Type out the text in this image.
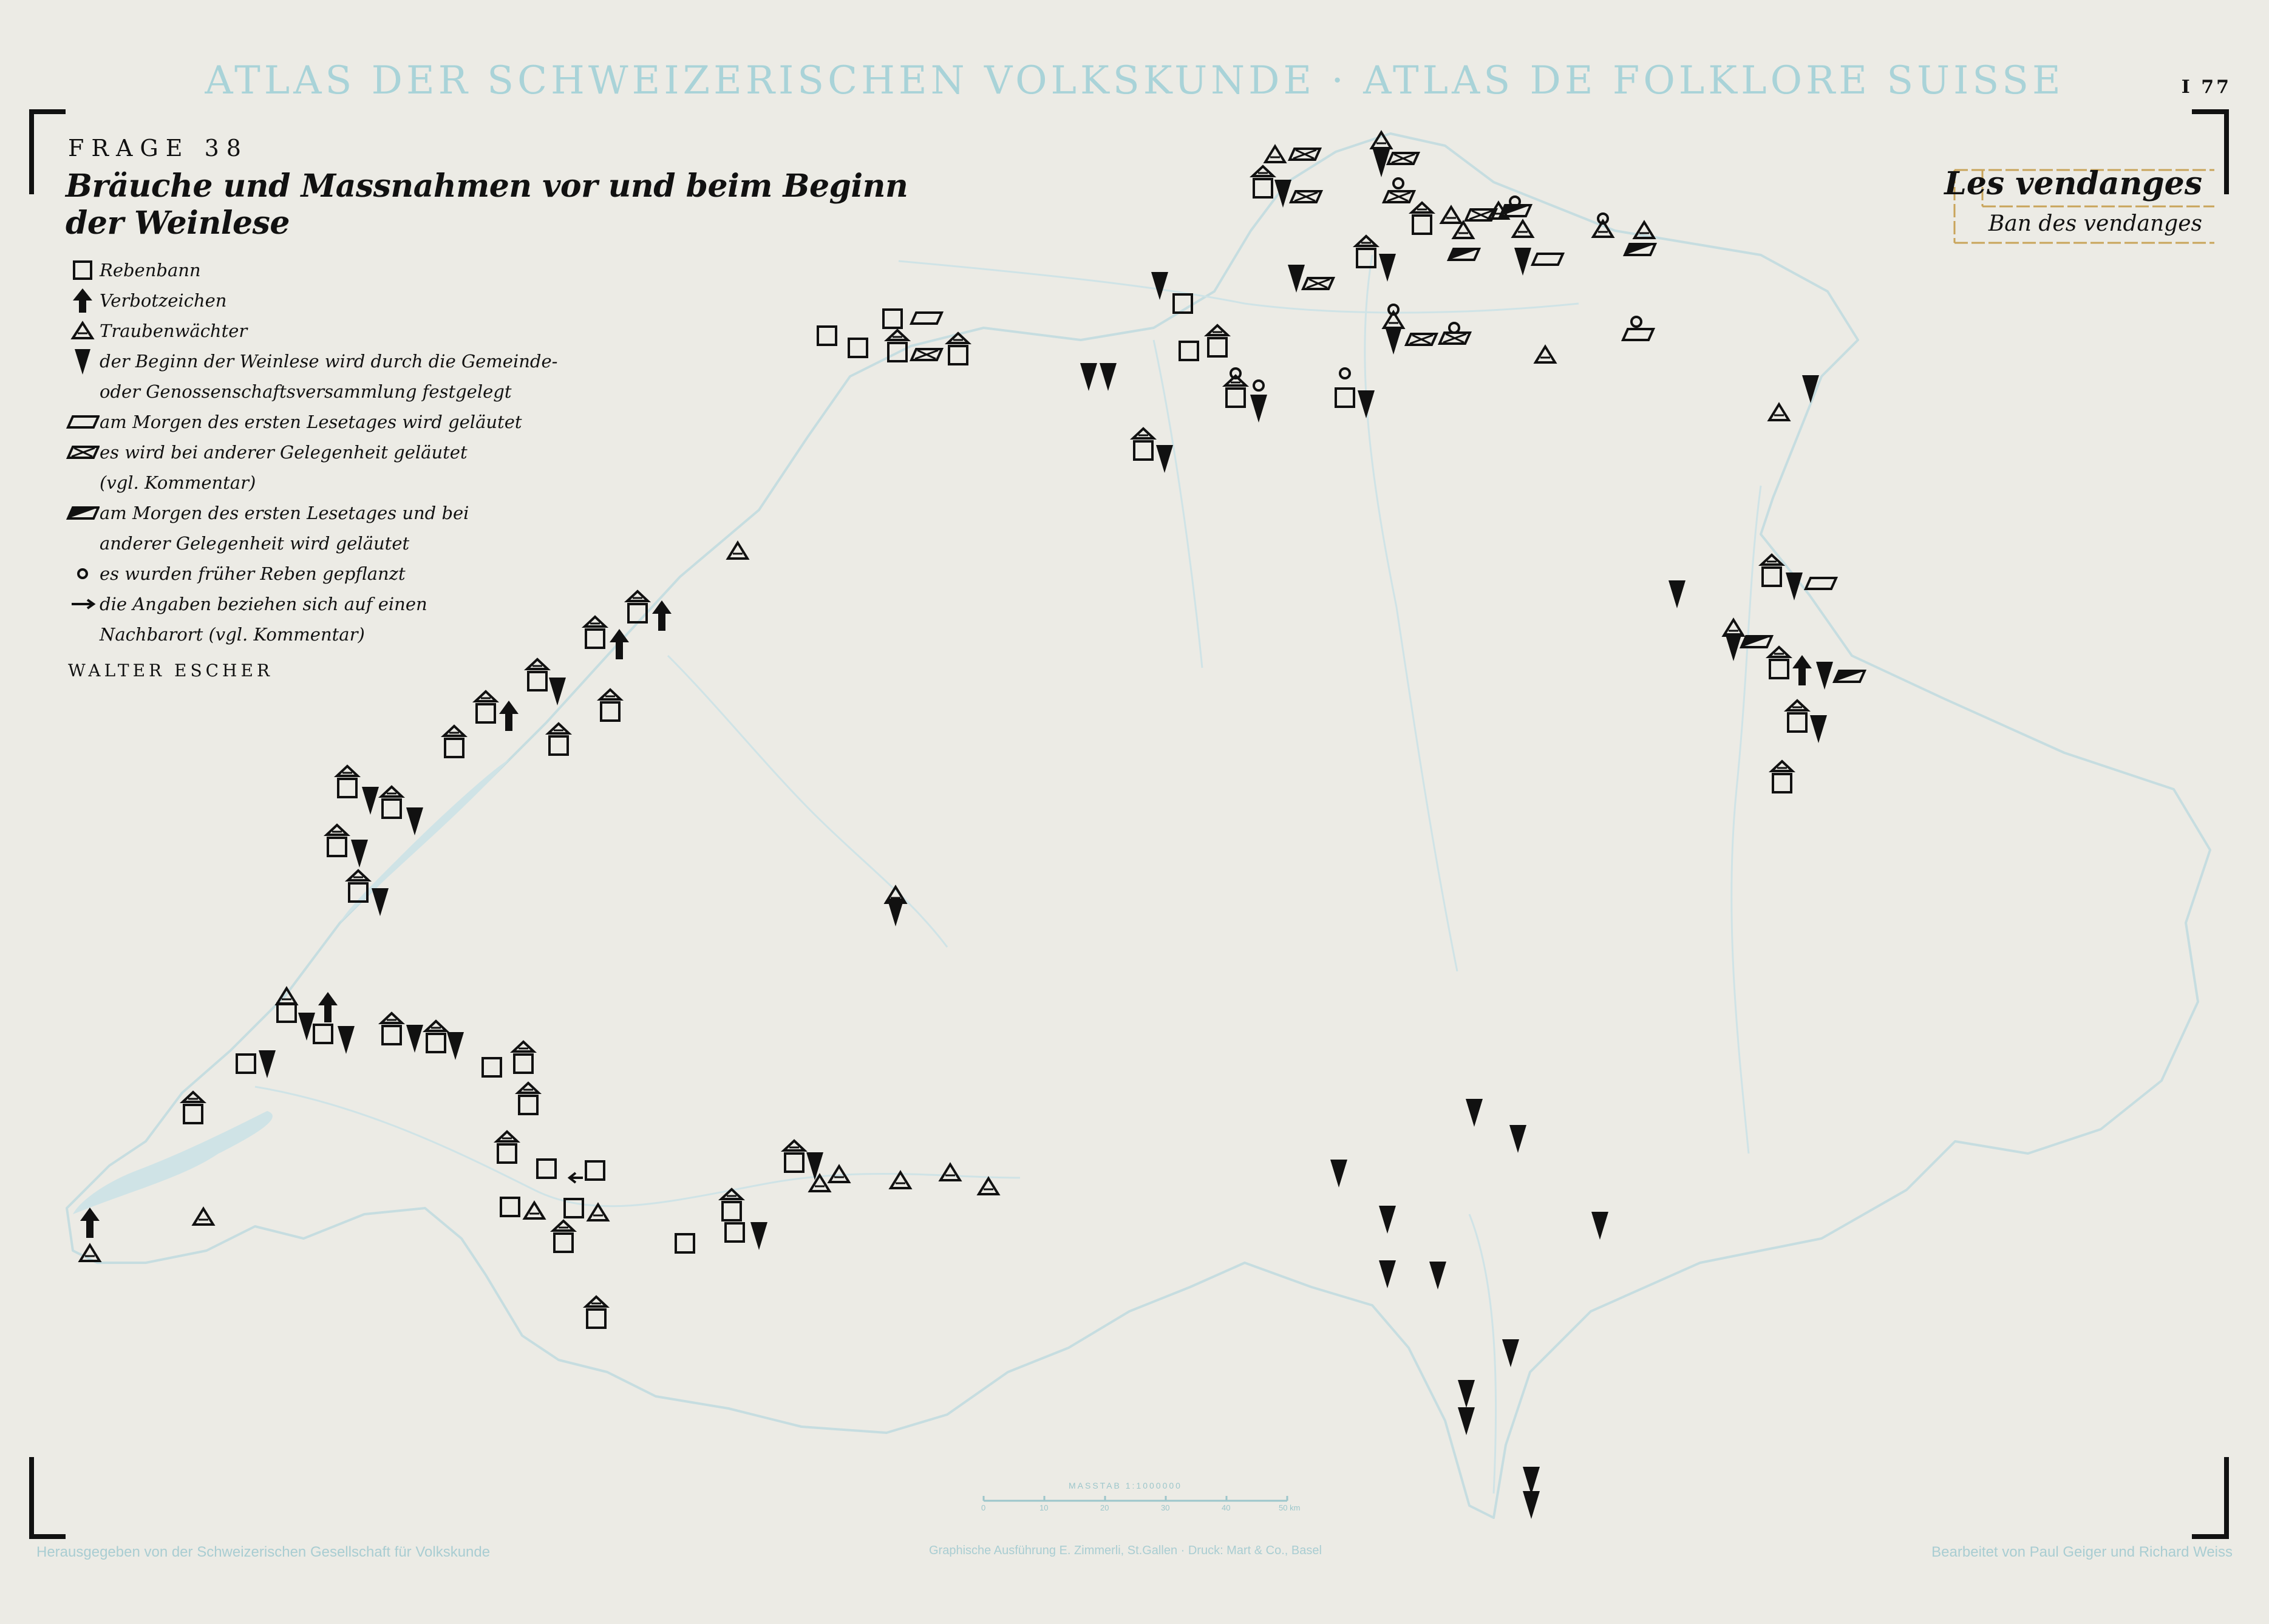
ATLAS DER SCHWEIZERISCHEN VOLKSKUNDE · ATLAS DE FOLKLORE SUISSE	I 77
FRAGE 38
Bräuche und Massnahmen vor und beim Beginn der Weinlese
Rebenbann
Verbotzeichen
Traubenwächter
der Beginn der Weinlese wird durch die Gemeinde-
oder Genossenschaftsversammlung festgelegt
am Morgen des ersten Lesetages wird geläutet
es wird bei anderer Gelegenheit geläutet
(vgl. Kommentar)
am Morgen des ersten Lesetages und bei
anderer Gelegenheit wird geläutet
es wurden früher Reben gepflanzt
die Angaben beziehen sich auf einen
Nachbarort (vgl. Kommentar)
WALTER ESCHER
Les vendanges
Ban des vendanges
MASSTAB 1:1000000
0	10	20	30	40	50 km
Herausgegeben von der Schweizerischen Gesellschaft für Volkskunde	Graphische Ausführung E. Zimmerli, St.Gallen · Druck: Mart & Co., Basel	Bearbeitet von Paul Geiger und Richard Weiss
